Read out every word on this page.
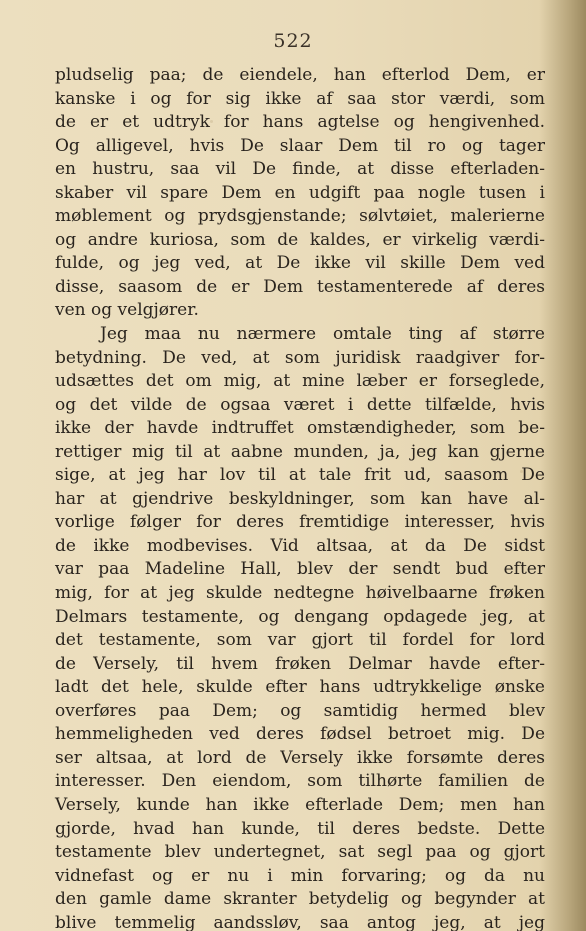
522
pludselig paa; de eiendele, han efterlod Dem, er
kanske i og for sig ikke af saa stor værdi, som
de er et udtryk for hans agtelse og hengivenhed.
Og alligevel, hvis De slaar Dem til ro og tager
en hustru, saa vil De finde, at disse efterladen-
skaber vil spare Dem en udgift paa nogle tusen i
møblement og prydsgjenstande; sølvtøiet, malerierne
og andre kuriosa, som de kaldes, er virkelig værdi-
fulde, og jeg ved, at De ikke vil skille Dem ved
disse, saasom de er Dem testamenterede af deres
ven og velgjører.
Jeg maa nu nærmere omtale ting af større
betydning. De ved, at som juridisk raadgiver for-
udsættes det om mig, at mine læber er forseglede,
og det vilde de ogsaa været i dette tilfælde, hvis
ikke der havde indtruffet omstændigheder, som be-
rettiger mig til at aabne munden, ja, jeg kan gjerne
sige, at jeg har lov til at tale frit ud, saasom De
har at gjendrive beskyldninger, som kan have al-
vorlige følger for deres fremtidige interesser, hvis
de ikke modbevises. Vid altsaa, at da De sidst
var paa Madeline Hall, blev der sendt bud efter
mig, for at jeg skulde nedtegne høivelbaarne frøken
Delmars testamente, og dengang opdagede jeg, at
det testamente, som var gjort til fordel for lord
de Versely, til hvem frøken Delmar havde efter-
ladt det hele, skulde efter hans udtrykkelige ønske
overføres paa Dem; og samtidig hermed blev
hemmeligheden ved deres fødsel betroet mig. De
ser altsaa, at lord de Versely ikke forsømte deres
interesser. Den eiendom, som tilhørte familien de
Versely, kunde han ikke efterlade Dem; men han
gjorde, hvad han kunde, til deres bedste. Dette
testamente blev undertegnet, sat segl paa og gjort
vidnefast og er nu i min forvaring; og da nu
den gamle dame skranter betydelig og begynder at
blive temmelig aandssløv, saa antog jeg, at jeg
